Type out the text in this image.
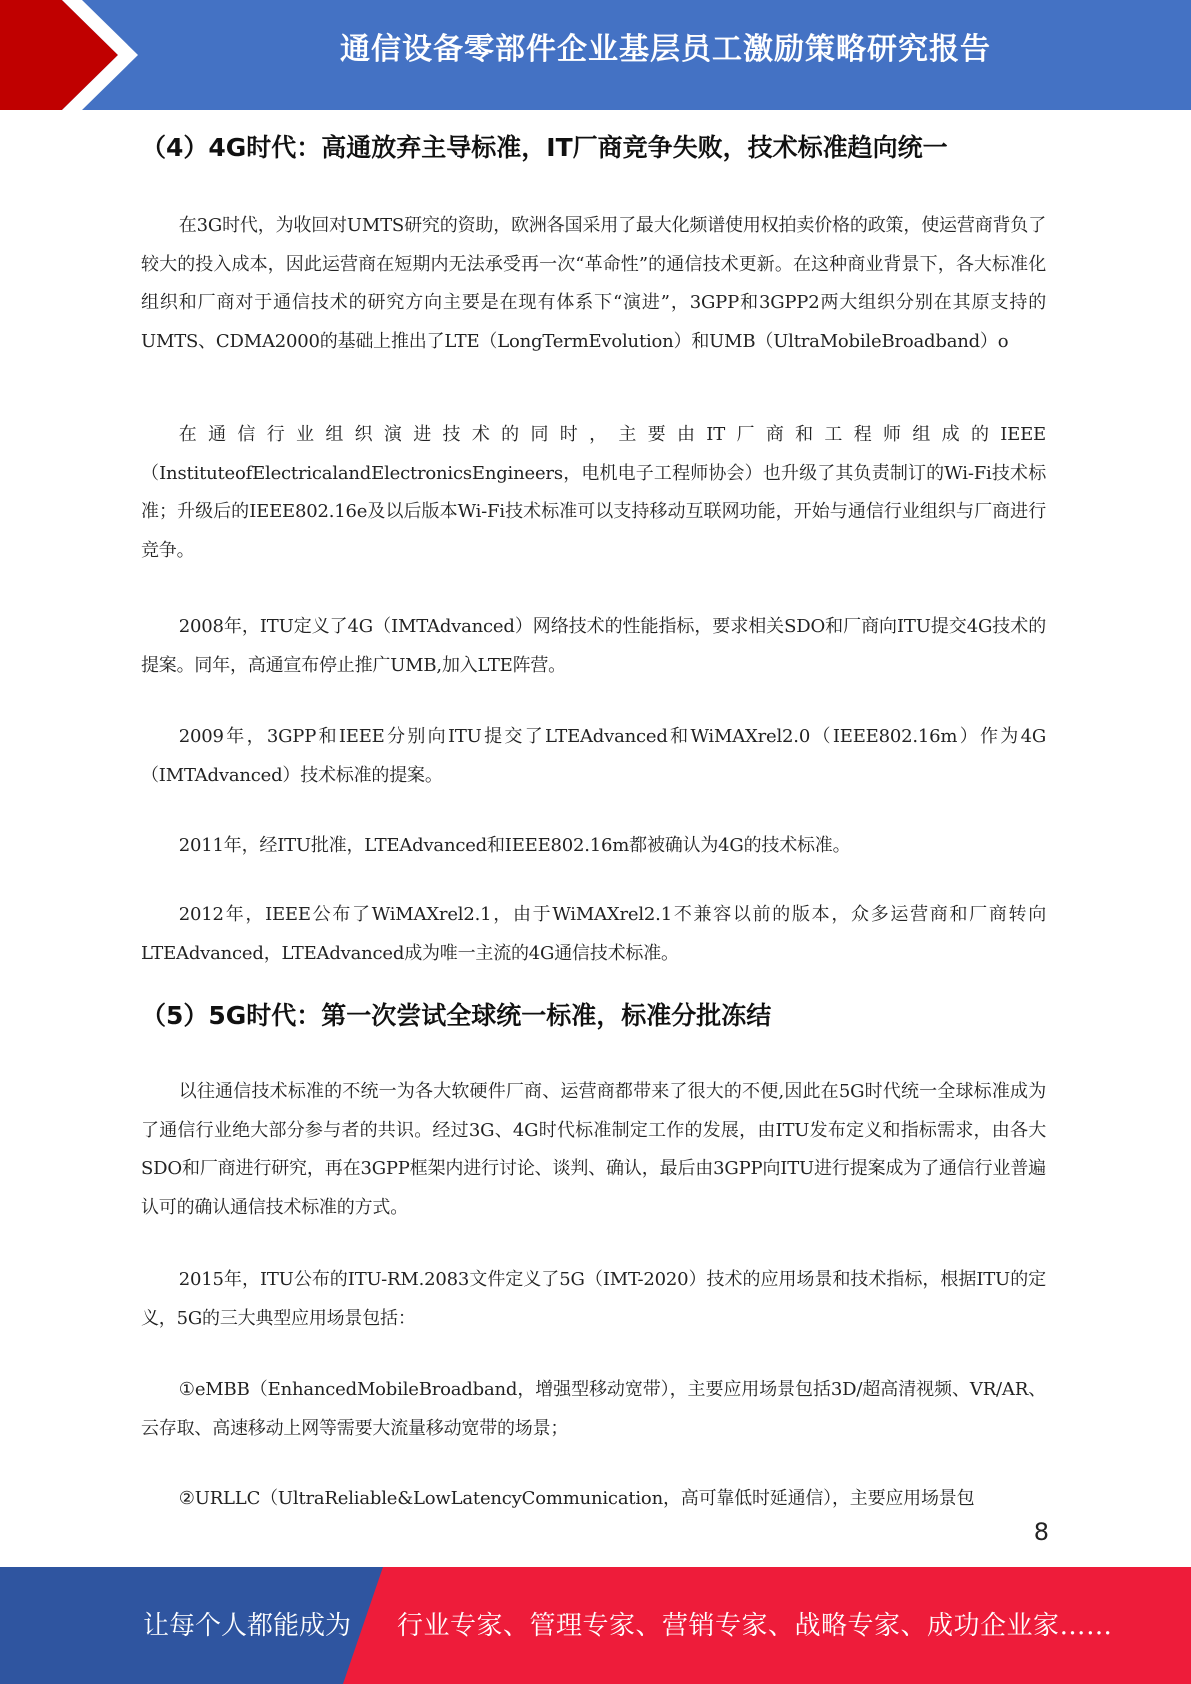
通信设备零部件企业基层员工激励策略研究报告
（4）4G时代：高通放弃主导标准，IT厂商竞争失败，技术标准趋向统一

在3G时代，为收回对UMTS研究的资助，欧洲各国采用了最大化频谱使用权拍卖价格的政策，使运营商背负了较大的投入成本，因此运营商在短期内无法承受再一次“革命性”的通信技术更新。在这种商业背景下，各大标准化组织和厂商对于通信技术的研究方向主要是在现有体系下“演进”，3GPP和3GPP2两大组织分别在其原支持的UMTS、CDMA2000的基础上推出了LTE（LongTermEvolution）和UMB（UltraMobileBroadband）o

在通信行业组织演进技术的同时，主要由IT厂商和工程师组成的IEEE（InstituteofElectricalandElectronicsEngineers，电机电子工程师协会）也升级了其负责制订的Wi-Fi技术标准；升级后的IEEE802.16e及以后版本Wi-Fi技术标准可以支持移动互联网功能，开始与通信行业组织与厂商进行竞争。

2008年，ITU定义了4G（IMTAdvanced）网络技术的性能指标，要求相关SDO和厂商向ITU提交4G技术的提案。同年，高通宣布停止推广UMB,加入LTE阵营。

2009年，3GPP和IEEE分别向ITU提交了LTEAdvanced和WiMAXrel2.0（IEEE802.16m）作为4G（IMTAdvanced）技术标准的提案。

2011年，经ITU批准，LTEAdvanced和IEEE802.16m都被确认为4G的技术标准。

2012年，IEEE公布了WiMAXrel2.1，由于WiMAXrel2.1不兼容以前的版本，众多运营商和厂商转向LTEAdvanced，LTEAdvanced成为唯一主流的4G通信技术标准。

（5）5G时代：第一次尝试全球统一标准，标准分批冻结

以往通信技术标准的不统一为各大软硬件厂商、运营商都带来了很大的不便,因此在5G时代统一全球标准成为了通信行业绝大部分参与者的共识。经过3G、4G时代标准制定工作的发展，由ITU发布定义和指标需求，由各大SDO和厂商进行研究，再在3GPP框架内进行讨论、谈判、确认，最后由3GPP向ITU进行提案成为了通信行业普遍认可的确认通信技术标准的方式。

2015年，ITU公布的ITU-RM.2083文件定义了5G（IMT-2020）技术的应用场景和技术指标，根据ITU的定义，5G的三大典型应用场景包括：

①eMBB（EnhancedMobileBroadband，增强型移动宽带），主要应用场景包括3D/超高清视频、VR/AR、云存取、高速移动上网等需要大流量移动宽带的场景；

②URLLC（UltraReliable&LowLatencyCommunication，高可靠低时延通信），主要应用场景包

8
让每个人都能成为 行业专家、管理专家、营销专家、战略专家、成功企业家……
